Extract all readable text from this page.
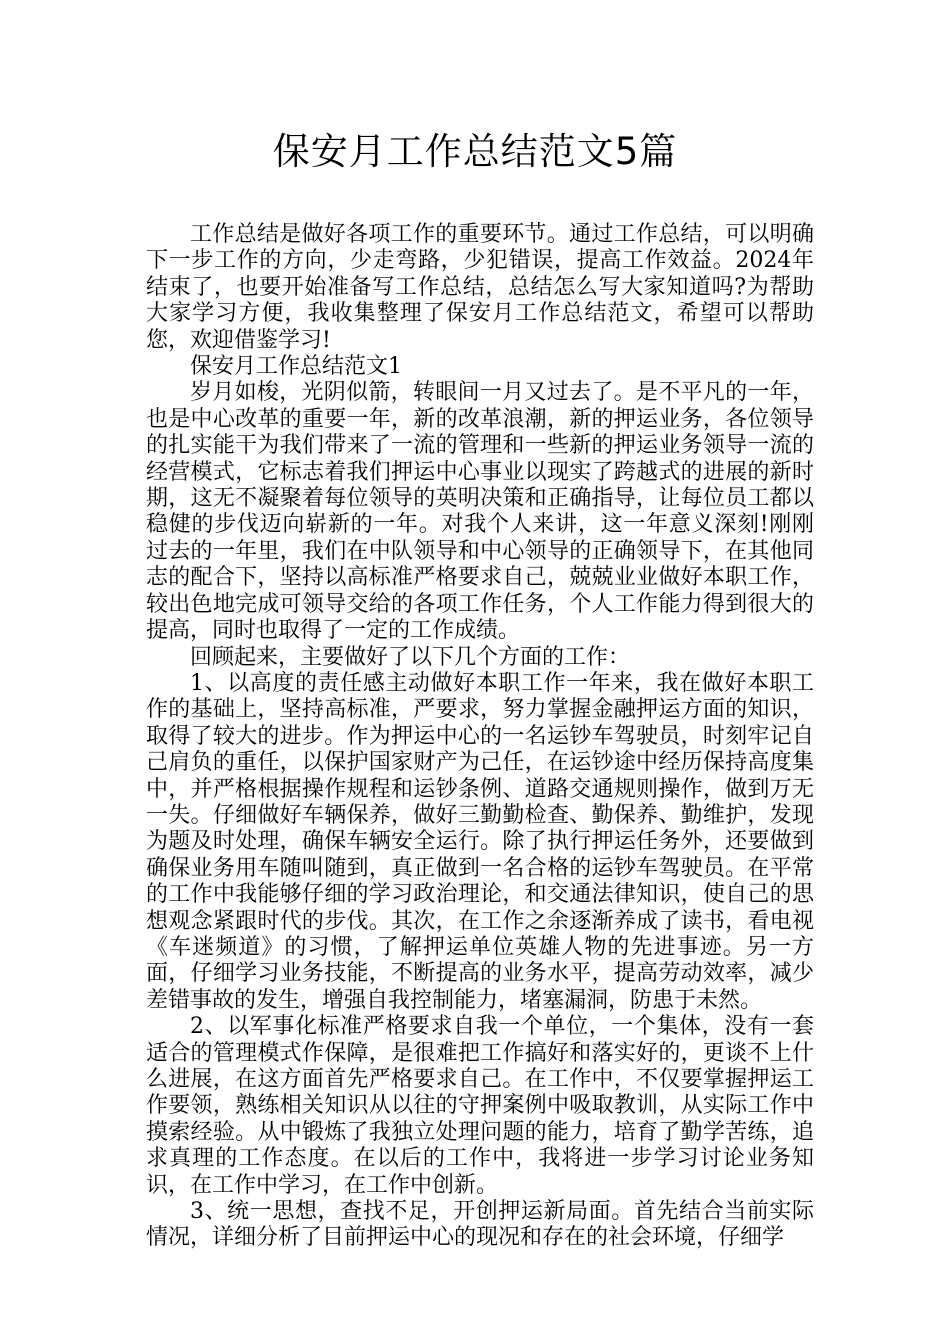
保安月工作总结范文5篇

工作总结是做好各项工作的重要环节。通过工作总结，可以明确下一步工作的方向，少走弯路，少犯错误，提高工作效益。2024年结束了，也要开始准备写工作总结，总结怎么写大家知道吗?为帮助大家学习方便，我收集整理了保安月工作总结范文，希望可以帮助您，欢迎借鉴学习!

保安月工作总结范文1

岁月如梭，光阴似箭，转眼间一月又过去了。是不平凡的一年，也是中心改革的重要一年，新的改革浪潮，新的押运业务，各位领导的扎实能干为我们带来了一流的管理和一些新的押运业务领导一流的经营模式，它标志着我们押运中心事业以现实了跨越式的进展的新时期，这无不凝聚着每位领导的英明决策和正确指导，让每位员工都以稳健的步伐迈向崭新的一年。对我个人来讲，这一年意义深刻!刚刚过去的一年里，我们在中队领导和中心领导的正确领导下，在其他同志的配合下，坚持以高标准严格要求自己，兢兢业业做好本职工作，较出色地完成可领导交给的各项工作任务，个人工作能力得到很大的提高，同时也取得了一定的工作成绩。

回顾起来，主要做好了以下几个方面的工作：

1、以高度的责任感主动做好本职工作一年来，我在做好本职工作的基础上，坚持高标准，严要求，努力掌握金融押运方面的知识，取得了较大的进步。作为押运中心的一名运钞车驾驶员，时刻牢记自己肩负的重任，以保护国家财产为己任，在运钞途中经历保持高度集中，并严格根据操作规程和运钞条例、道路交通规则操作，做到万无一失。仔细做好车辆保养，做好三勤勤检查、勤保养、勤维护，发现为题及时处理，确保车辆安全运行。除了执行押运任务外，还要做到确保业务用车随叫随到，真正做到一名合格的运钞车驾驶员。在平常的工作中我能够仔细的学习政治理论，和交通法律知识，使自己的思想观念紧跟时代的步伐。其次，在工作之余逐渐养成了读书，看电视《车迷频道》的习惯，了解押运单位英雄人物的先进事迹。另一方面，仔细学习业务技能，不断提高的业务水平，提高劳动效率，减少差错事故的发生，增强自我控制能力，堵塞漏洞，防患于未然。

2、以军事化标准严格要求自我一个单位，一个集体，没有一套适合的管理模式作保障，是很难把工作搞好和落实好的，更谈不上什么进展，在这方面首先严格要求自己。在工作中，不仅要掌握押运工作要领，熟练相关知识从以往的守押案例中吸取教训，从实际工作中摸索经验。从中锻炼了我独立处理问题的能力，培育了勤学苦练，追求真理的工作态度。在以后的工作中，我将进一步学习讨论业务知识，在工作中学习，在工作中创新。

3、统一思想，查找不足，开创押运新局面。首先结合当前实际情况，详细分析了目前押运中心的现况和存在的社会环境，仔细学
